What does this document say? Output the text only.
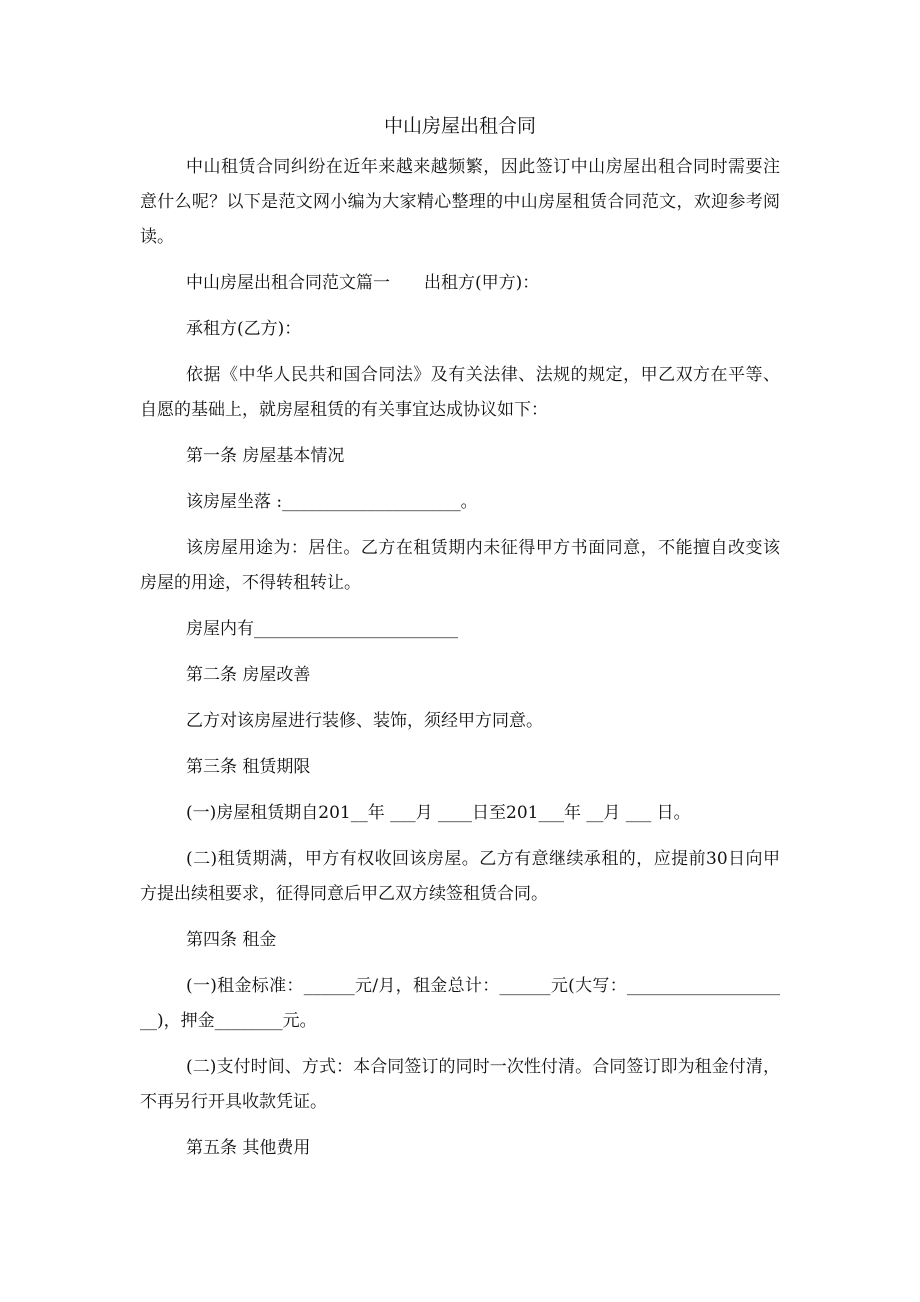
中山房屋出租合同

中山租赁合同纠纷在近年来越来越频繁，因此签订中山房屋出租合同时需要注意什么呢？以下是范文网小编为大家精心整理的中山房屋租赁合同范文，欢迎参考阅读。

中山房屋出租合同范文篇一　　出租方(甲方)：

承租方(乙方)：

依据《中华人民共和国合同法》及有关法律、法规的规定，甲乙双方在平等、自愿的基础上，就房屋租赁的有关事宜达成协议如下：

第一条 房屋基本情况

该房屋坐落 :_____________________。

该房屋用途为：居住。乙方在租赁期内未征得甲方书面同意，不能擅自改变该房屋的用途，不得转租转让。

房屋内有________________________

第二条 房屋改善

乙方对该房屋进行装修、装饰，须经甲方同意。

第三条 租赁期限

(一)房屋租赁期自201__年 ___月 ____日至201___年 __月 ___ 日。

(二)租赁期满，甲方有权收回该房屋。乙方有意继续承租的，应提前30日向甲方提出续租要求，征得同意后甲乙双方续签租赁合同。

第四条 租金

(一)租金标准：______元/月，租金总计：______元(大写：____________________)，押金________元。

(二)支付时间、方式：本合同签订的同时一次性付清。合同签订即为租金付清，不再另行开具收款凭证。

第五条 其他费用
